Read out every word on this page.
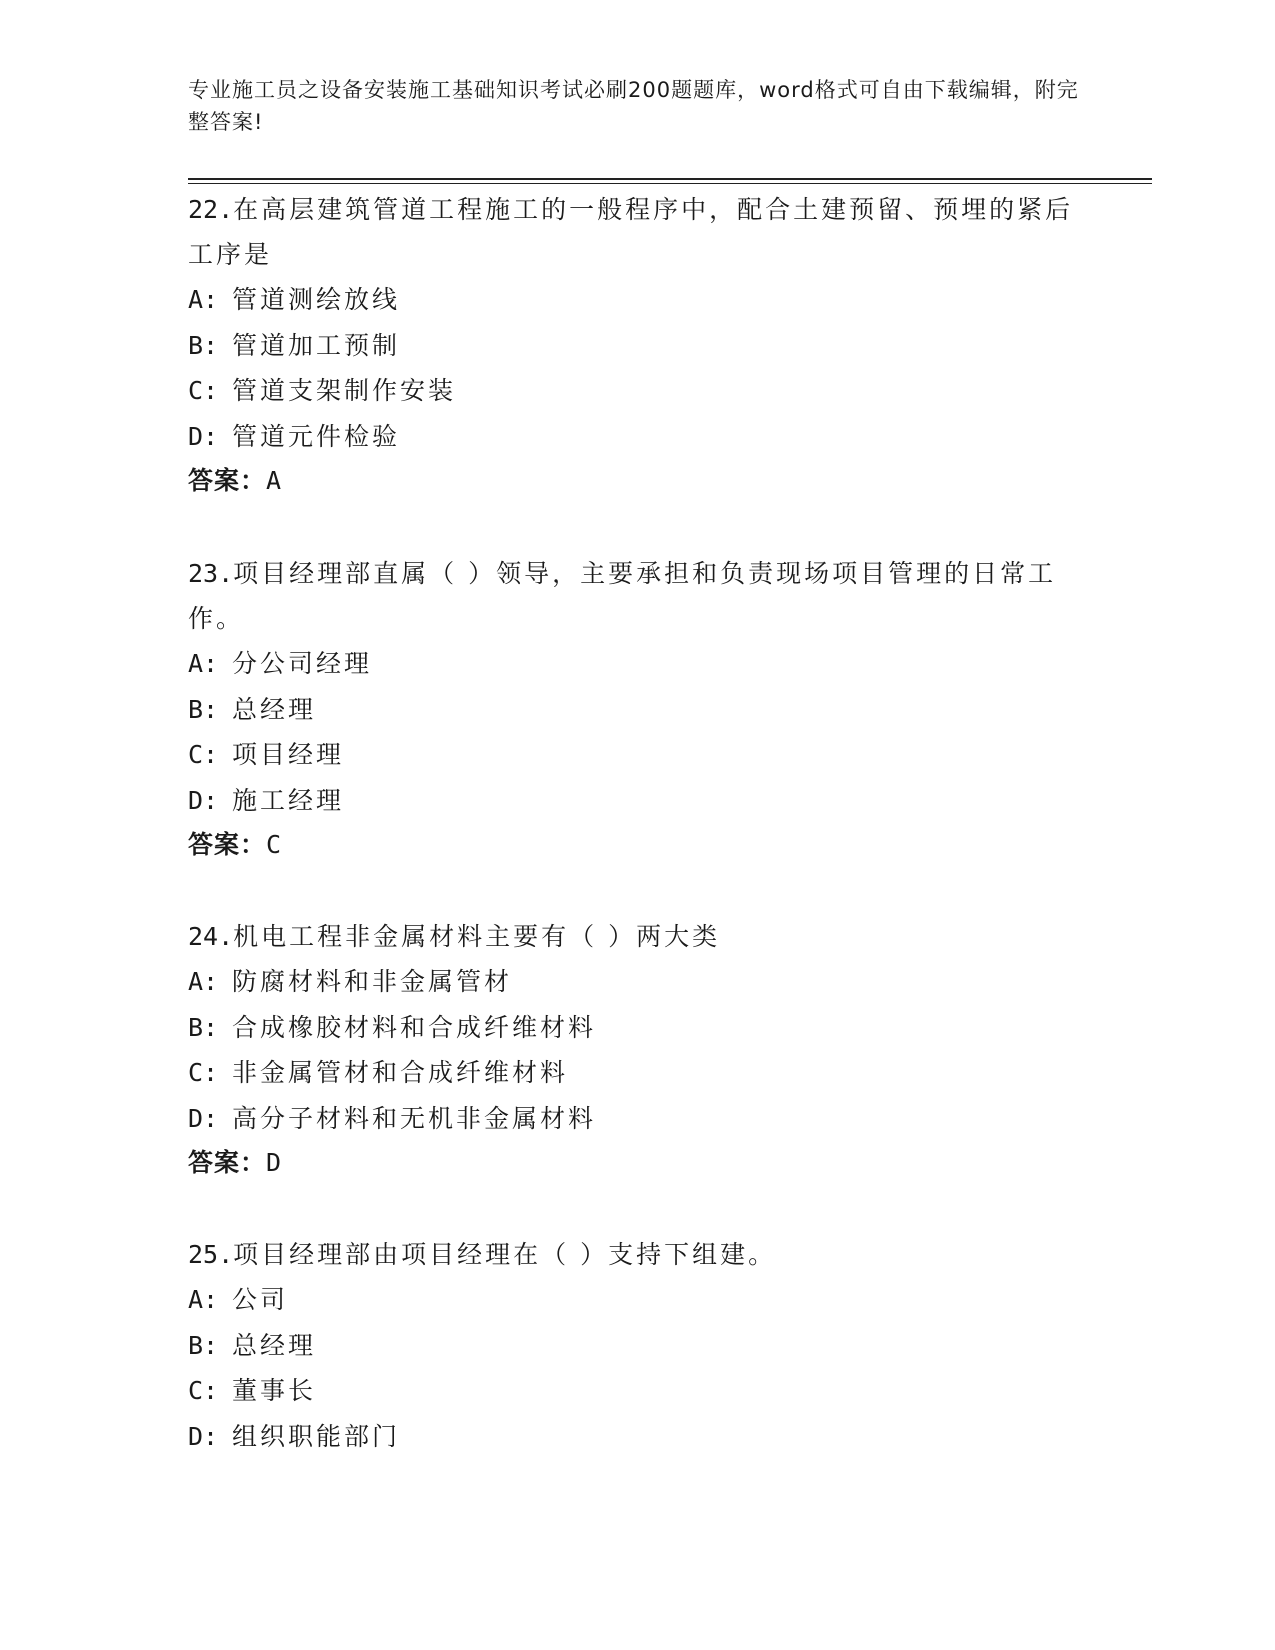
专业施工员之设备安装施工基础知识考试必刷200题题库，word格式可自由下载编辑，附完整答案!
22.在高层建筑管道工程施工的一般程序中，配合土建预留、预埋的紧后工序是
A: 管道测绘放线
B: 管道加工预制
C: 管道支架制作安装
D: 管道元件检验
答案：A
23.项目经理部直属（ ）领导，主要承担和负责现场项目管理的日常工作。
A: 分公司经理
B: 总经理
C: 项目经理
D: 施工经理
答案：C
24.机电工程非金属材料主要有（ ）两大类
A: 防腐材料和非金属管材
B: 合成橡胶材料和合成纤维材料
C: 非金属管材和合成纤维材料
D: 高分子材料和无机非金属材料
答案：D
25.项目经理部由项目经理在（ ）支持下组建。
A: 公司
B: 总经理
C: 董事长
D: 组织职能部门
